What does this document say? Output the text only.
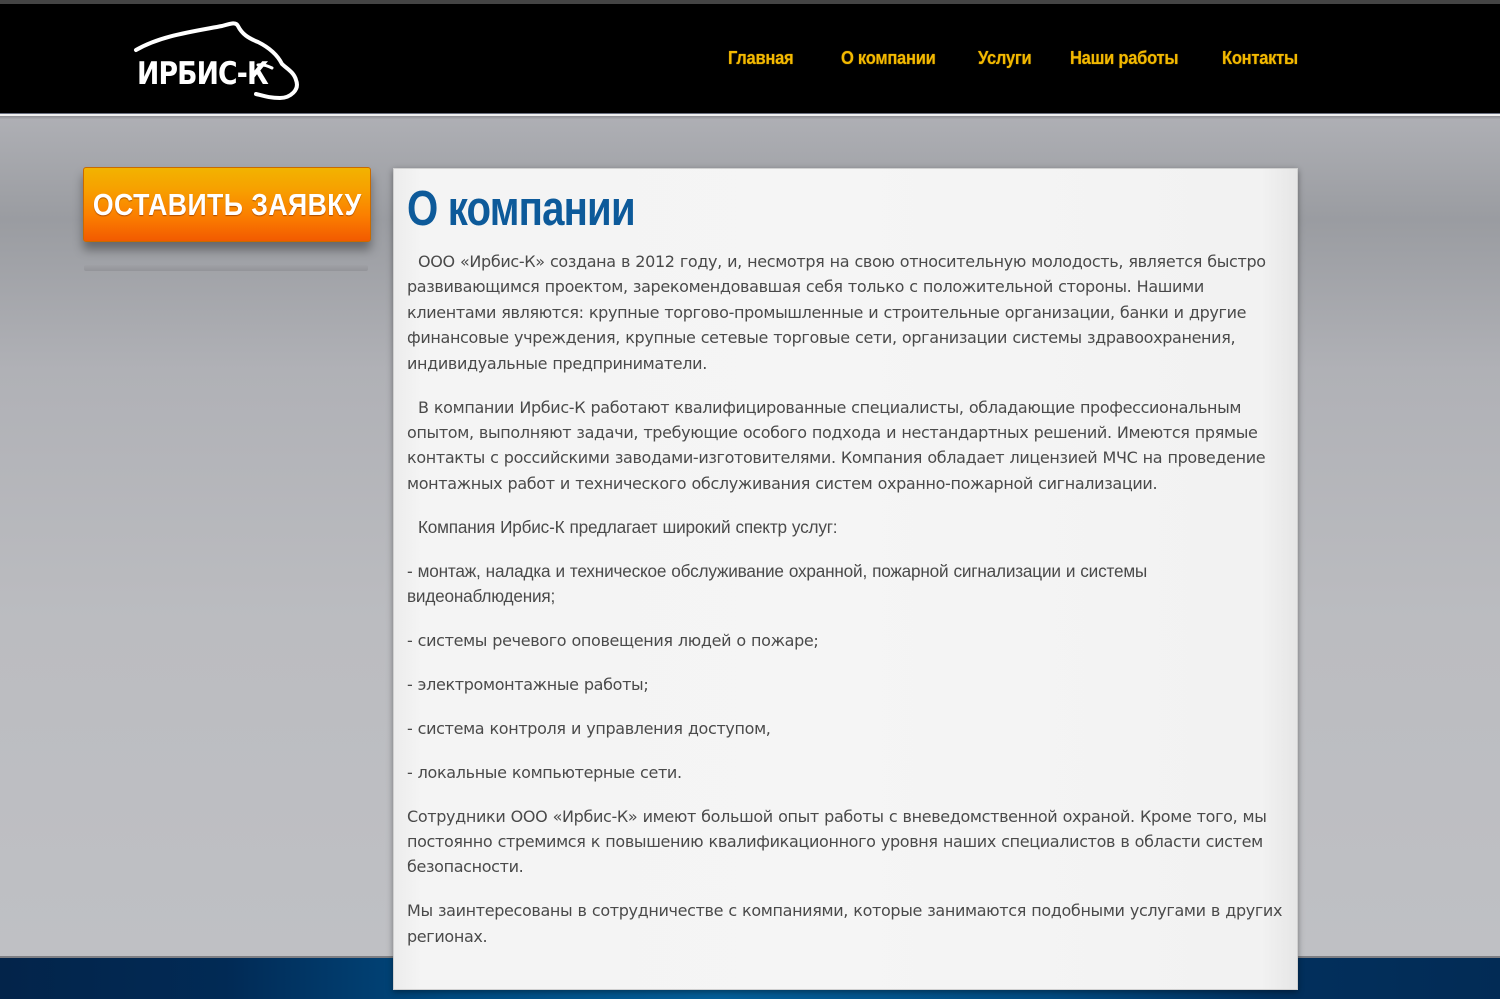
ИРБИС-К	Главная	О компании Услуги Наши работы Контакты
ОСТАВИТЬ ЗАЯВКУ О компании

ООО «Ирбис-К» создана в 2012 году, и, несмотря на свою относительную молодость, является быстро развивающимся проектом, зарекомендовавшая себя только с положительной стороны. Нашими клиентами являются: крупные торгово-промышленные и строительные организации, банки и другие финансовые учреждения, крупные сетевые торговые сети, организации системы здравоохранения, индивидуальные предприниматели.

В компании Ирбис-К работают квалифицированные специалисты, обладающие профессиональным опытом, выполняют задачи, требующие особого подхода и нестандартных решений. Имеются прямые контакты с российскими заводами-изготовителями. Компания обладает лицензией МЧС на проведение монтажных работ и технического обслуживания систем охранно-пожарной сигнализации.

Компания Ирбис-К предлагает широкий спектр услуг:

- монтаж, наладка и техническое обслуживание охранной, пожарной сигнализации и системы видеонаблюдения;

- системы речевого оповещения людей о пожаре;

- электромонтажные работы;

- система контроля и управления доступом,

- локальные компьютерные сети.

Сотрудники ООО «Ирбис-К» имеют большой опыт работы с вневедомственной охраной. Кроме того, мы постоянно стремимся к повышению квалификационного уровня наших специалистов в области систем безопасности.

Мы заинтересованы в сотрудничестве с компаниями, которые занимаются подобными услугами в других регионах.
